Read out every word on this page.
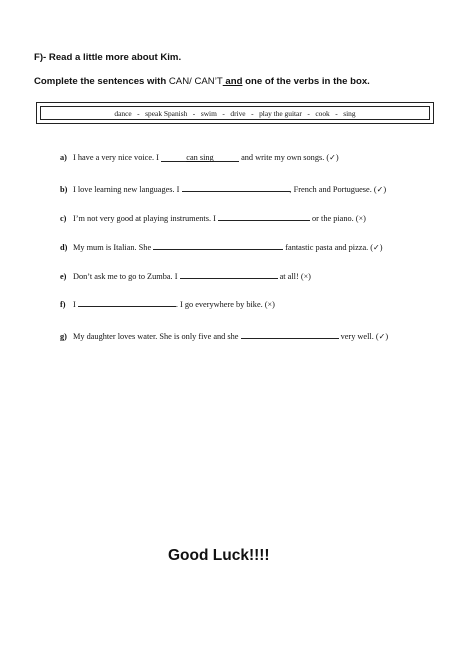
F)- Read a little more about Kim.
Complete the sentences with CAN/ CAN’T and one of the verbs in the box.
dance   -   speak Spanish   -   swim   -   drive   -   play the guitar   -   cook   -   sing
a) I have a very nice voice. I	can sing	and write my own songs. (✓)
b) I love learning new languages. I	, French and Portuguese. (✓)
c) I’m not very good at playing instruments. I	or the piano. (×)
d) My mum is Italian. She	fantastic pasta and pizza. (✓)
e) Don’t ask me to go to Zumba. I	at all! (×)
f) I	. I go everywhere by bike. (×)
g) My daughter loves water. She is only five and she	very well. (✓)
Good Luck!!!!
